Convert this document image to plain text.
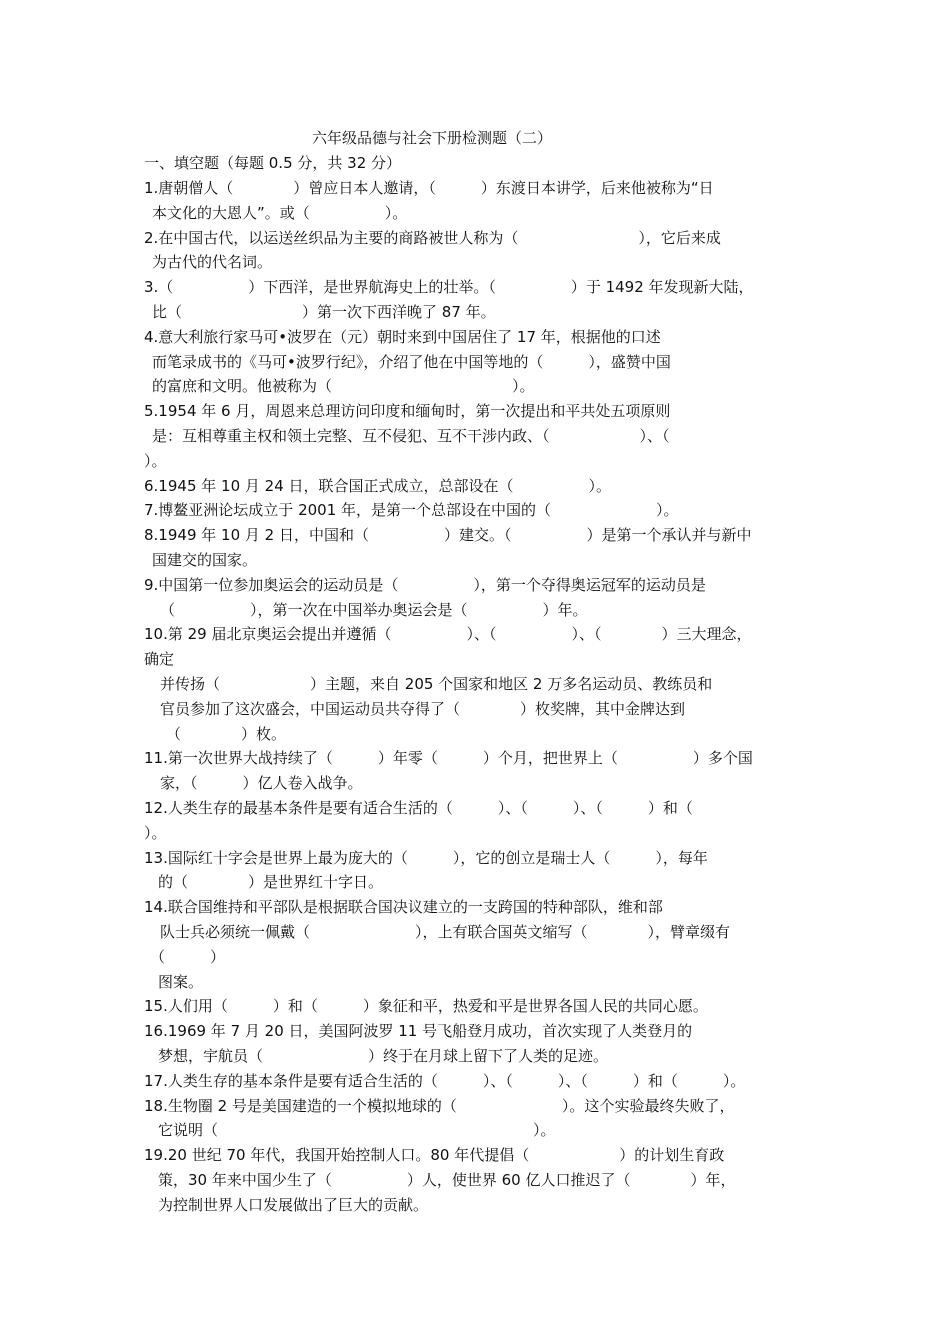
六年级品德与社会下册检测题（二）
一、填空题（每题 0.5 分，共 32 分）
1.唐朝僧人（　　　　）曾应日本人邀请，（　　　）东渡日本讲学，后来他被称为“日
本文化的大恩人”。或（　　　　　）。
2.在中国古代，以运送丝织品为主要的商路被世人称为（　　　　　　　　），它后来成
为古代的代名词。
3.（　　　　　）下西洋，是世界航海史上的壮举。（　　　　　）于 1492 年发现新大陆，
比（　　　　　　　　）第一次下西洋晚了 87 年。
4.意大利旅行家马可•波罗在（元）朝时来到中国居住了 17 年，根据他的口述
而笔录成书的《马可•波罗行纪》，介绍了他在中国等地的（　　　），盛赞中国
的富庶和文明。他被称为（　　　　　　　　　　　　）。
5.1954 年 6 月，周恩来总理访问印度和缅甸时，第一次提出和平共处五项原则
是：互相尊重主权和领土完整、互不侵犯、互不干涉内政、（　　　　　　）、（
）。
6.1945 年 10 月 24 日，联合国正式成立，总部设在（　　　　　）。
7.博鳌亚洲论坛成立于 2001 年，是第一个总部设在中国的（　　　　　　　）。
8.1949 年 10 月 2 日，中国和（　　　　　）建交。（　　　　　）是第一个承认并与新中
国建交的国家。
9.中国第一位参加奥运会的运动员是（　　　　　），第一个夺得奥运冠军的运动员是
（　　　　　），第一次在中国举办奥运会是（　　　　　）年。
10.第 29 届北京奥运会提出并遵循（　　　　　）、（　　　　　）、（　　　　）三大理念，
确定
并传扬（　　　　　　）主题，来自 205 个国家和地区 2 万多名运动员、教练员和
官员参加了这次盛会，中国运动员共夺得了（　　　　）枚奖牌，其中金牌达到
（　　　　）枚。
11.第一次世界大战持续了（　　　）年零（　　　）个月，把世界上（　　　　　）多个国
家，（　　　）亿人卷入战争。
12.人类生存的最基本条件是要有适合生活的（　　　）、（　　　）、（　　　）和（
）。
13.国际红十字会是世界上最为庞大的（　　　），它的创立是瑞士人（　　　），每年
的（　　　　）是世界红十字日。
14.联合国维持和平部队是根据联合国决议建立的一支跨国的特种部队，维和部
队士兵必须统一佩戴（　　　　　　　），上有联合国英文缩写（　　　　），臂章缀有
（　　　）
图案。
15.人们用（　　　）和（　　　）象征和平，热爱和平是世界各国人民的共同心愿。
16.1969 年 7 月 20 日，美国阿波罗 11 号飞船登月成功，首次实现了人类登月的
梦想，宇航员（　　　　　　　）终于在月球上留下了人类的足迹。
17.人类生存的基本条件是要有适合生活的（　　　）、（　　　）、（　　　）和（　　　）。
18.生物圈 2 号是美国建造的一个模拟地球的（　　　　　　　）。这个实验最终失败了，
它说明（　　　　　　　　　　　　　　　　　　　　　）。
19.20 世纪 70 年代，我国开始控制人口。80 年代提倡（　　　　　　）的计划生育政
策，30 年来中国少生了（　　　　　）人，使世界 60 亿人口推迟了（　　　　）年，
为控制世界人口发展做出了巨大的贡献。
